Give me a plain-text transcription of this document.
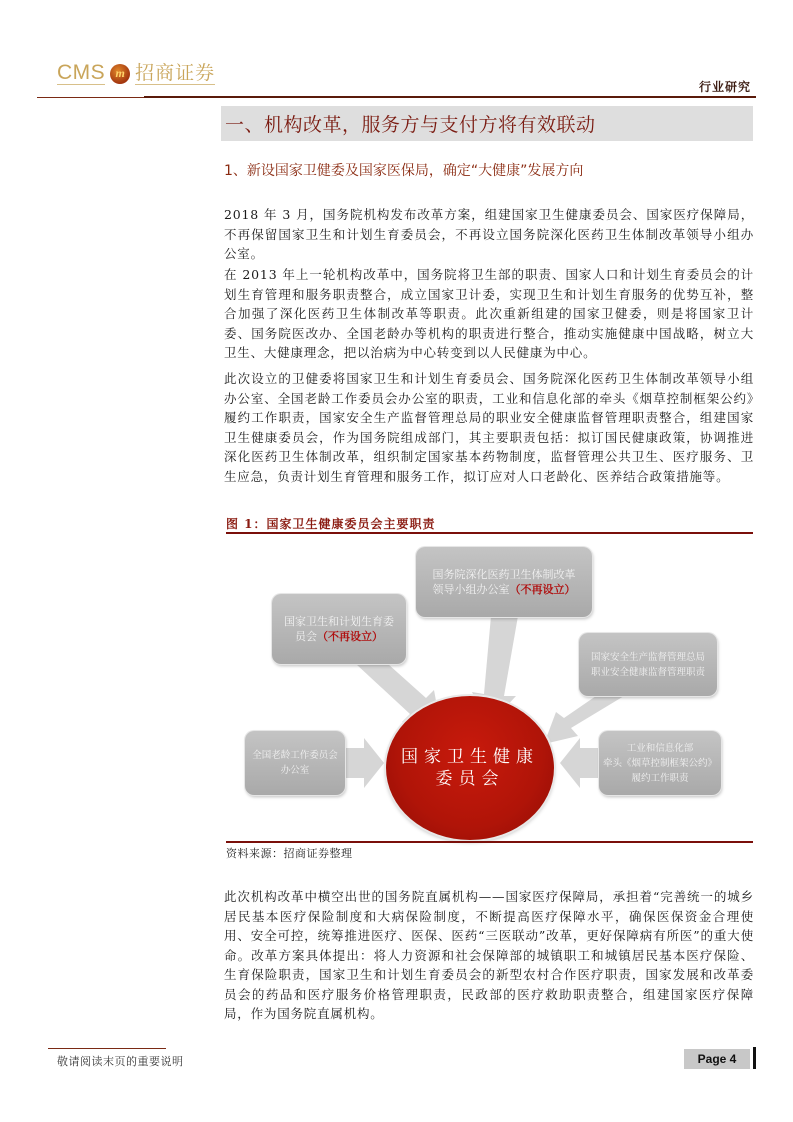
CMS m 招商证券
行业研究
一、机构改革，服务方与支付方将有效联动
1、新设国家卫健委及国家医保局，确定“大健康”发展方向
2018 年 3 月，国务院机构发布改革方案，组建国家卫生健康委员会、国家医疗保障局，不再保留国家卫生和计划生育委员会，不再设立国务院深化医药卫生体制改革领导小组办公室。
在 2013 年上一轮机构改革中，国务院将卫生部的职责、国家人口和计划生育委员会的计划生育管理和服务职责整合，成立国家卫计委，实现卫生和计划生育服务的优势互补，整合加强了深化医药卫生体制改革等职责。此次重新组建的国家卫健委，则是将国家卫计委、国务院医改办、全国老龄办等机构的职责进行整合，推动实施健康中国战略，树立大卫生、大健康理念，把以治病为中心转变到以人民健康为中心。
此次设立的卫健委将国家卫生和计划生育委员会、国务院深化医药卫生体制改革领导小组办公室、全国老龄工作委员会办公室的职责，工业和信息化部的牵头《烟草控制框架公约》履约工作职责，国家安全生产监督管理总局的职业安全健康监督管理职责整合，组建国家卫生健康委员会，作为国务院组成部门，其主要职责包括：拟订国民健康政策，协调推进深化医药卫生体制改革，组织制定国家基本药物制度，监督管理公共卫生、医疗服务、卫生应急，负责计划生育管理和服务工作，拟订应对人口老龄化、医养结合政策措施等。
图 1：国家卫生健康委员会主要职责
国务院深化医药卫生体制改革
领导小组办公室（不再设立）
国家卫生和计划生育委
员会（不再设立）
国家安全生产监督管理总局
职业安全健康监督管理职责
全国老龄工作委员会
办公室
工业和信息化部
牵头《烟草控制框架公约》
履约工作职责
国家卫生健康委员会
资料来源：招商证券整理
此次机构改革中横空出世的国务院直属机构——国家医疗保障局，承担着“完善统一的城乡居民基本医疗保险制度和大病保险制度，不断提高医疗保障水平，确保医保资金合理使用、安全可控，统筹推进医疗、医保、医药“三医联动”改革，更好保障病有所医”的重大使命。改革方案具体提出：将人力资源和社会保障部的城镇职工和城镇居民基本医疗保险、生育保险职责，国家卫生和计划生育委员会的新型农村合作医疗职责，国家发展和改革委员会的药品和医疗服务价格管理职责，民政部的医疗救助职责整合，组建国家医疗保障局，作为国务院直属机构。
敬请阅读末页的重要说明	Page 4
